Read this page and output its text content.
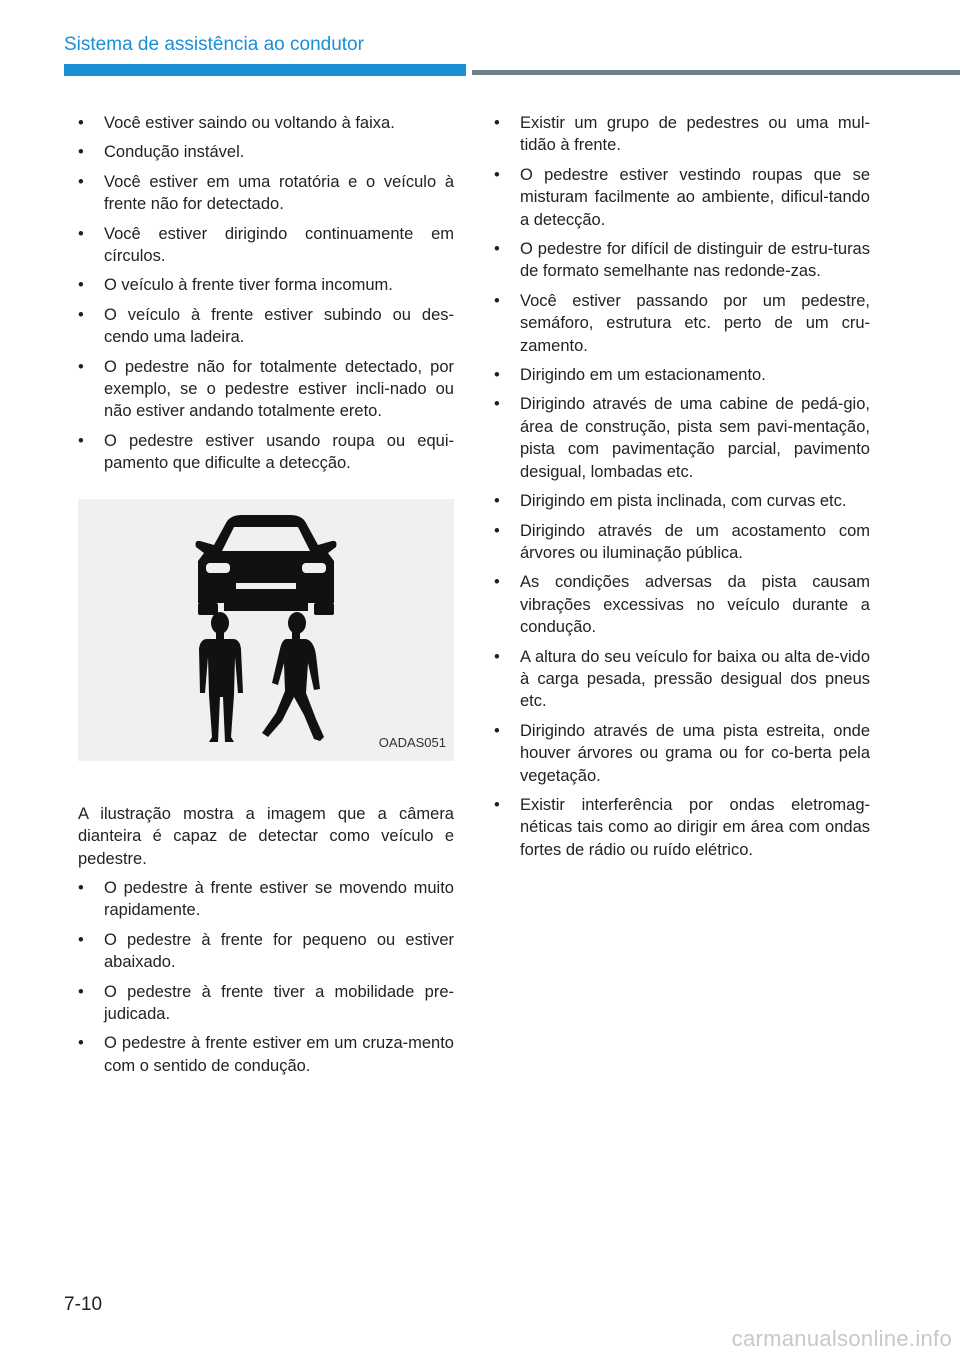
Sistema de assistência ao condutor
• Você estiver saindo ou voltando à faixa.
• Condução instável.
• Você estiver em uma rotatória e o veículo à frente não for detectado.
• Você estiver dirigindo continuamente em círculos.
• O veículo à frente tiver forma incomum.
• O veículo à frente estiver subindo ou des-cendo uma ladeira.
• O pedestre não for totalmente detectado, por exemplo, se o pedestre estiver incli-nado ou não estiver andando totalmente ereto.
• O pedestre estiver usando roupa ou equi-pamento que dificulte a detecção.
OADAS051

A ilustração mostra a imagem que a câmera dianteira é capaz de detectar como veículo e pedestre.

• O pedestre à frente estiver se movendo muito rapidamente.
• O pedestre à frente for pequeno ou estiver abaixado.
• O pedestre à frente tiver a mobilidade pre-judicada.
• O pedestre à frente estiver em um cruza-mento com o sentido de condução.
• Existir um grupo de pedestres ou uma mul-tidão à frente.
• O pedestre estiver vestindo roupas que se misturam facilmente ao ambiente, dificul-tando a detecção.
• O pedestre for difícil de distinguir de estru-turas de formato semelhante nas redonde-zas.
• Você estiver passando por um pedestre, semáforo, estrutura etc. perto de um cru-zamento.
• Dirigindo em um estacionamento.
• Dirigindo através de uma cabine de pedá-gio, área de construção, pista sem pavi-mentação, pista com pavimentação parcial, pavimento desigual, lombadas etc.
• Dirigindo em pista inclinada, com curvas etc.
• Dirigindo através de um acostamento com árvores ou iluminação pública.
• As condições adversas da pista causam vibrações excessivas no veículo durante a condução.
• A altura do seu veículo for baixa ou alta de-vido à carga pesada, pressão desigual dos pneus etc.
• Dirigindo através de uma pista estreita, onde houver árvores ou grama ou for co-berta pela vegetação.
• Existir interferência por ondas eletromag-néticas tais como ao dirigir em área com ondas fortes de rádio ou ruído elétrico.
7-10
carmanualsonline.info
